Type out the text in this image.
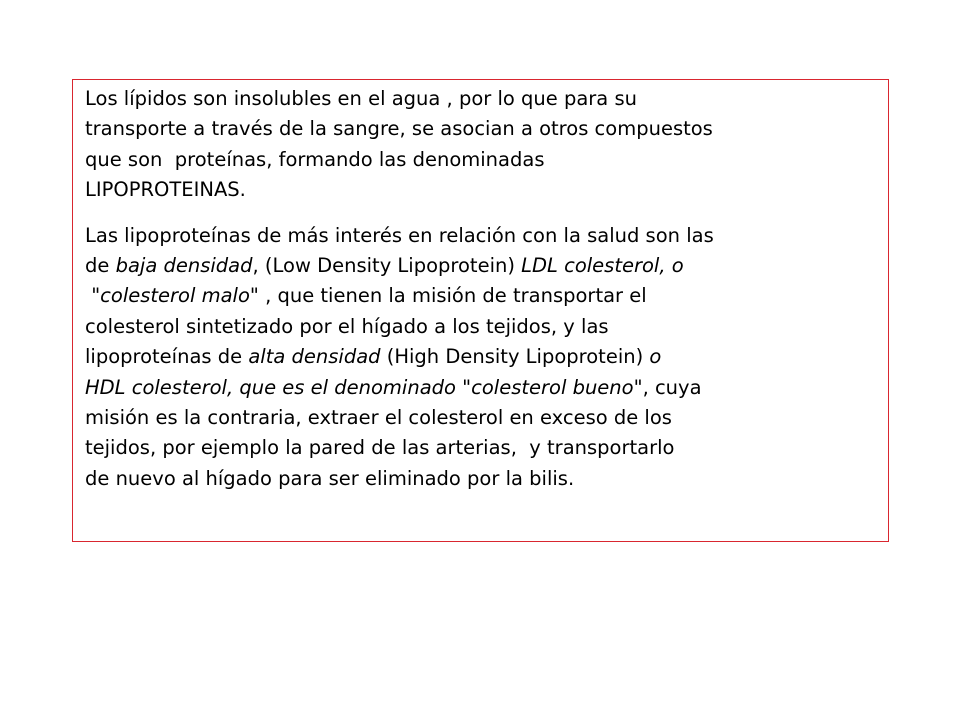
Los lípidos son insolubles en el agua , por lo que para su
transporte a través de la sangre, se asocian a otros compuestos
que son  proteínas, formando las denominadas
LIPOPROTEINAS.
Las lipoproteínas de más interés en relación con la salud son las
de baja densidad, (Low Density Lipoprotein) LDL colesterol, o
"colesterol malo" , que tienen la misión de transportar el
colesterol sintetizado por el hígado a los tejidos, y las
lipoproteínas de alta densidad (High Density Lipoprotein) o
HDL colesterol, que es el denominado "colesterol bueno", cuya
misión es la contraria, extraer el colesterol en exceso de los
tejidos, por ejemplo la pared de las arterias,  y transportarlo
de nuevo al hígado para ser eliminado por la bilis.
